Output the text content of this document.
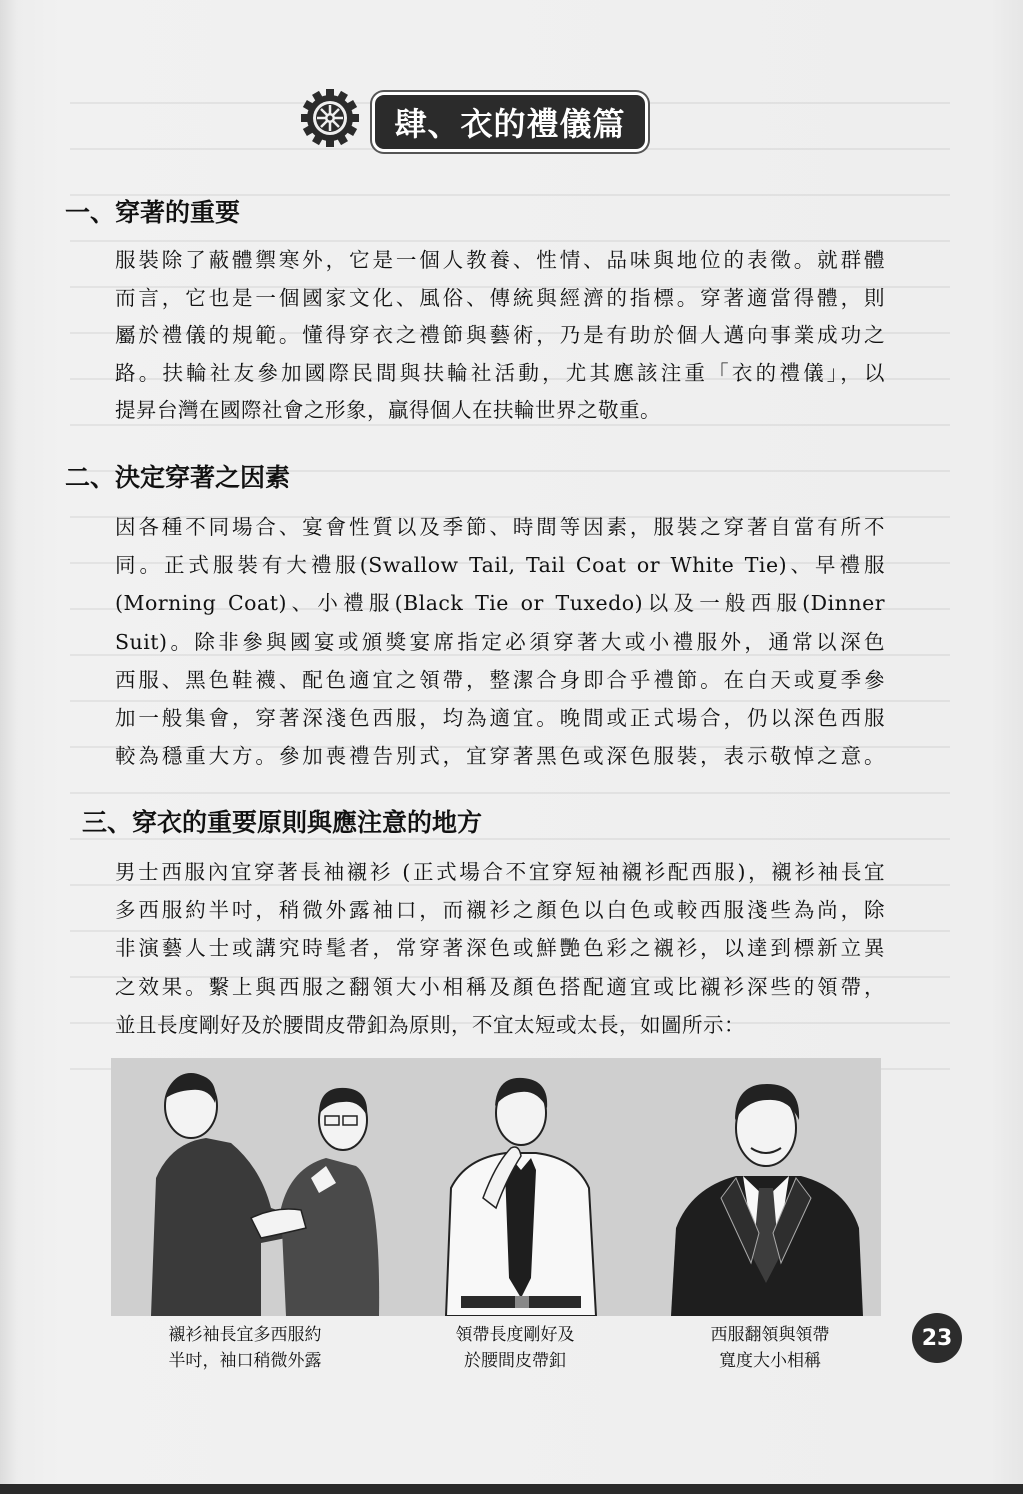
肆、衣的禮儀篇
一、穿著的重要
服裝除了蔽體禦寒外，它是一個人教養、性情、品味與地位的表徵。就群體
而言，它也是一個國家文化、風俗、傳統與經濟的指標。穿著適當得體，則
屬於禮儀的規範。懂得穿衣之禮節與藝術，乃是有助於個人邁向事業成功之
路。扶輪社友參加國際民間與扶輪社活動，尤其應該注重「衣的禮儀」，以
提昇台灣在國際社會之形象，贏得個人在扶輪世界之敬重。
二、決定穿著之因素
因各種不同場合、宴會性質以及季節、時間等因素，服裝之穿著自當有所不
同。正式服裝有大禮服(Swallow Tail, Tail Coat or White Tie)、早禮服
(Morning Coat)、小禮服(Black Tie or Tuxedo)以及一般西服(Dinner
Suit)。除非參與國宴或頒獎宴席指定必須穿著大或小禮服外，通常以深色
西服、黑色鞋襪、配色適宜之領帶，整潔合身即合乎禮節。在白天或夏季參
加一般集會，穿著深淺色西服，均為適宜。晚間或正式場合，仍以深色西服
較為穩重大方。參加喪禮告別式，宜穿著黑色或深色服裝，表示敬悼之意。
三、穿衣的重要原則與應注意的地方
男士西服內宜穿著長袖襯衫 (正式場合不宜穿短袖襯衫配西服)，襯衫袖長宜
多西服約半吋，稍微外露袖口，而襯衫之顏色以白色或較西服淺些為尚，除
非演藝人士或講究時髦者，常穿著深色或鮮艷色彩之襯衫，以達到標新立異
之效果。繫上與西服之翻領大小相稱及顏色搭配適宜或比襯衫深些的領帶，
並且長度剛好及於腰間皮帶釦為原則，不宜太短或太長，如圖所示：
襯衫袖長宜多西服約
半吋，袖口稍微外露
領帶長度剛好及
於腰間皮帶釦
西服翻領與領帶
寬度大小相稱
23
